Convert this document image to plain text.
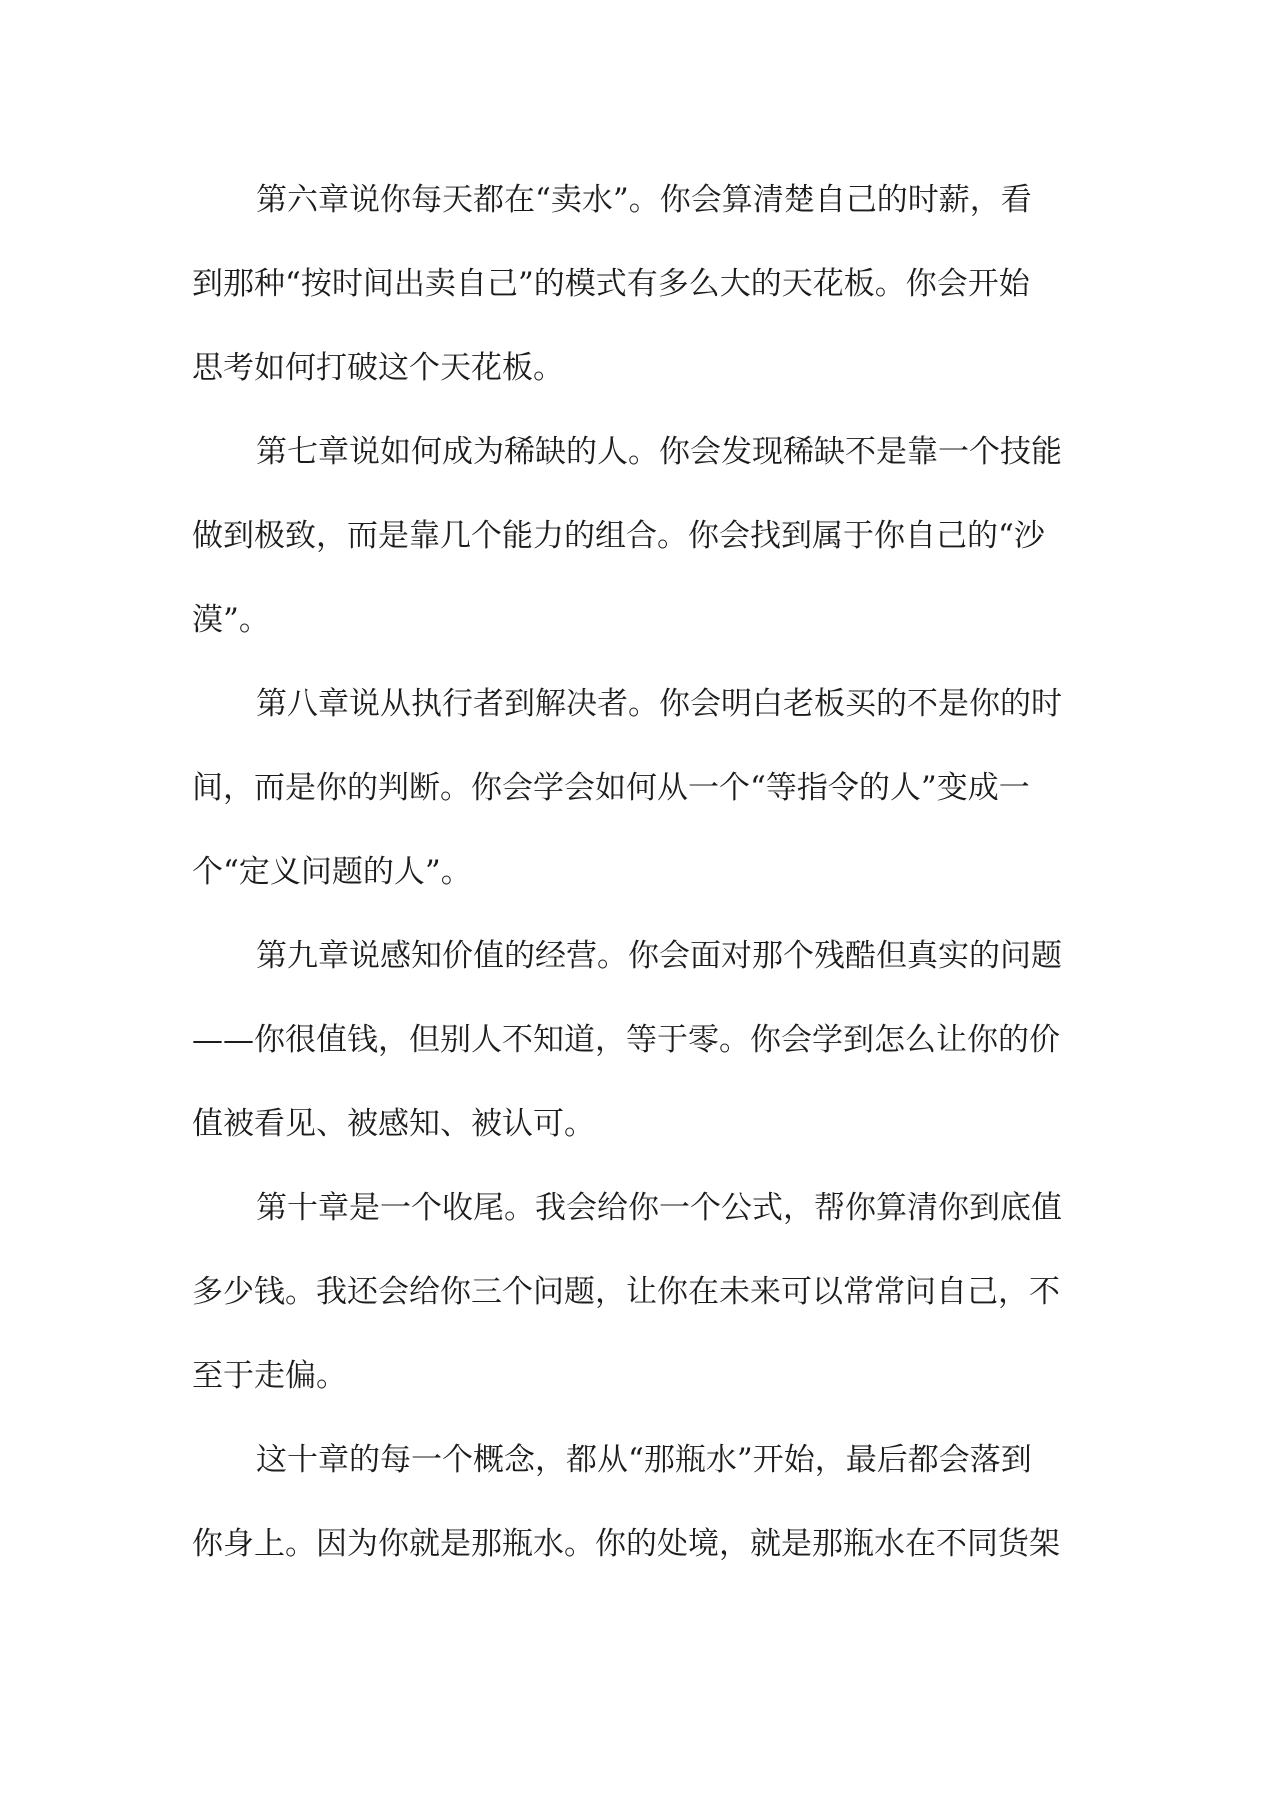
第六章说你每天都在“卖水”。你会算清楚自己的时薪，看
到那种“按时间出卖自己”的模式有多么大的天花板。你会开始
思考如何打破这个天花板。
第七章说如何成为稀缺的人。你会发现稀缺不是靠一个技能
做到极致，而是靠几个能力的组合。你会找到属于你自己的“沙
漠”。
第八章说从执行者到解决者。你会明白老板买的不是你的时
间，而是你的判断。你会学会如何从一个“等指令的人”变成一
个“定义问题的人”。
第九章说感知价值的经营。你会面对那个残酷但真实的问题
——你很值钱，但别人不知道，等于零。你会学到怎么让你的价
值被看见、被感知、被认可。
第十章是一个收尾。我会给你一个公式，帮你算清你到底值
多少钱。我还会给你三个问题，让你在未来可以常常问自己，不
至于走偏。
这十章的每一个概念，都从“那瓶水”开始，最后都会落到
你身上。因为你就是那瓶水。你的处境，就是那瓶水在不同货架
